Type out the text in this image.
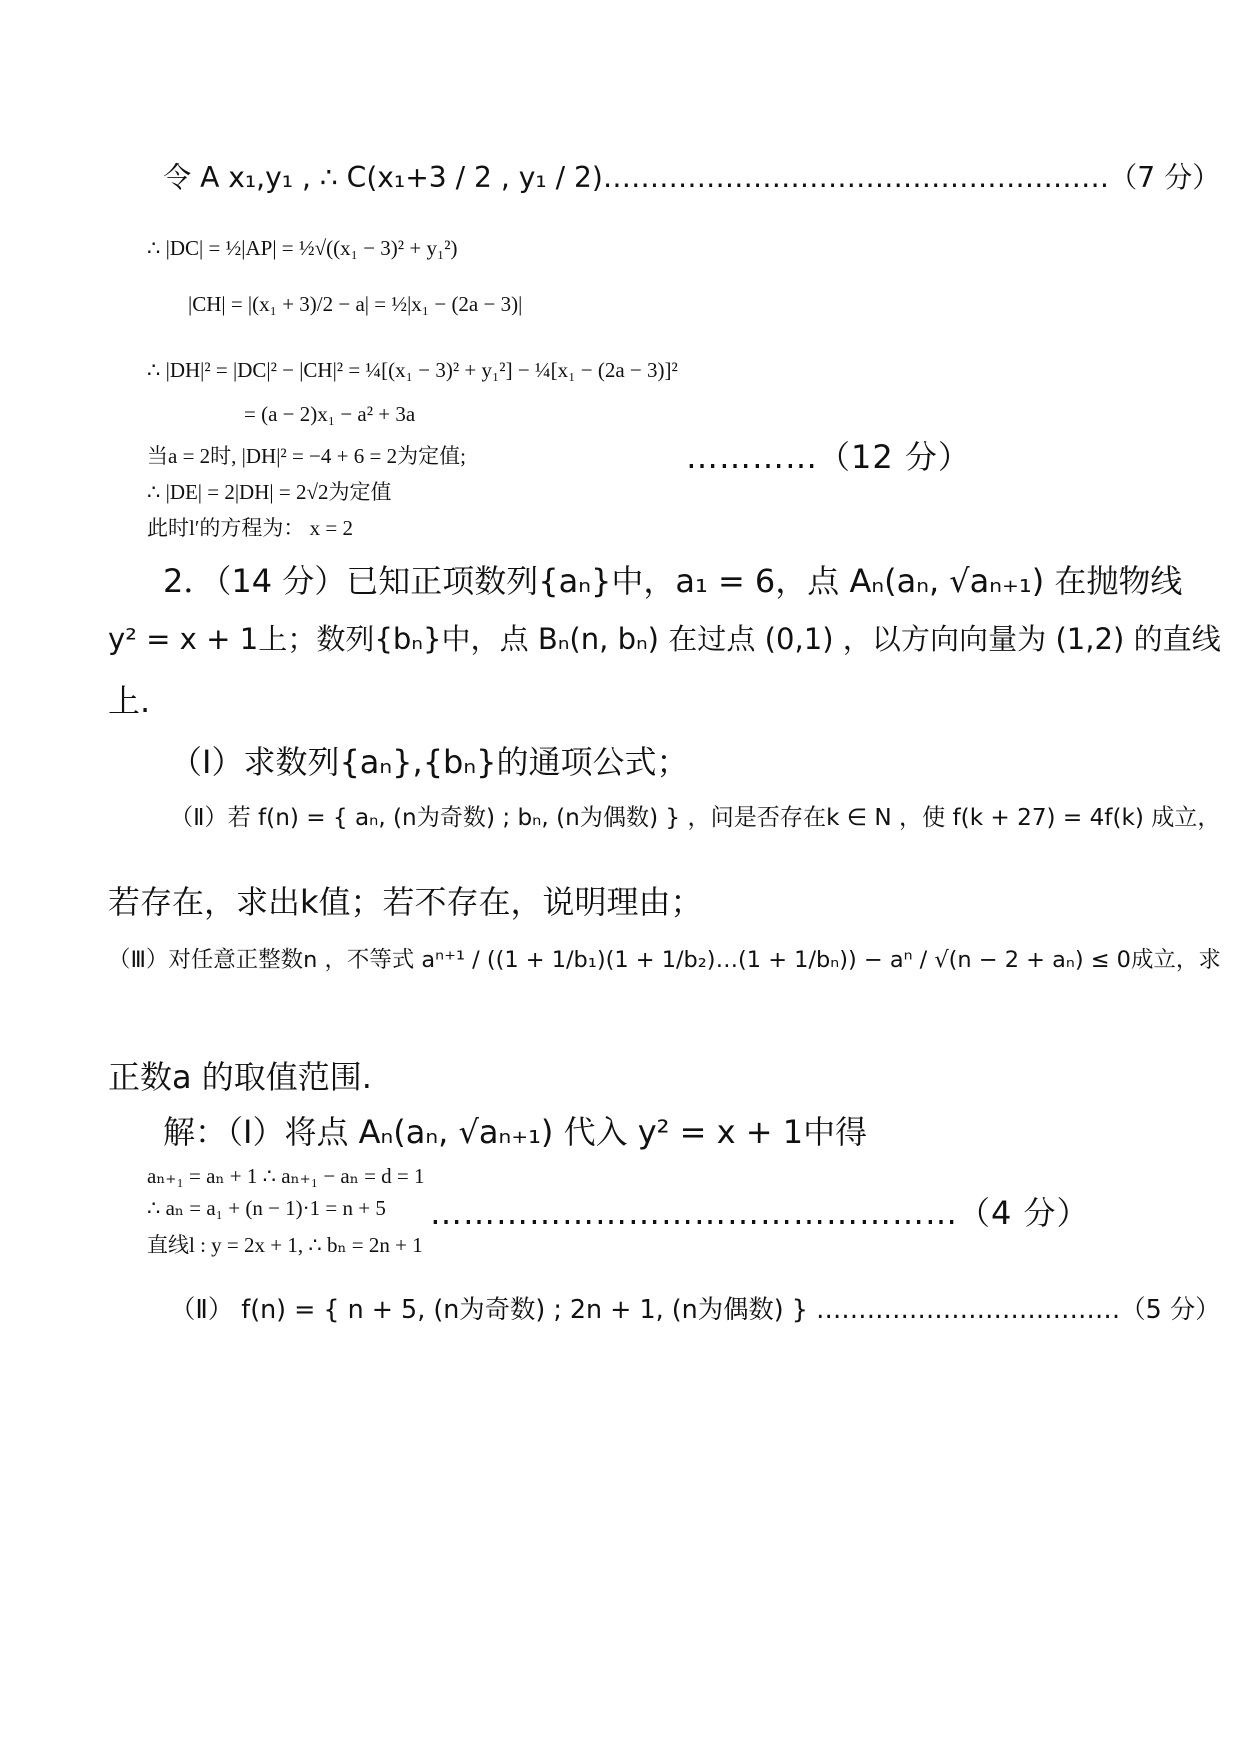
令 A x₁,y₁ , ∴ C(x₁+3 / 2 , y₁ / 2)………………………………………………（7 分）
∴ |DC| = ½|AP| = ½√((x₁ − 3)² + y₁²)
|CH| = |(x₁ + 3)/2 − a| = ½|x₁ − (2a − 3)|
∴ |DH|² = |DC|² − |CH|² = ¼[(x₁ − 3)² + y₁²] − ¼[x₁ − (2a − 3)]²
= (a − 2)x₁ − a² + 3a
当a = 2时, |DH|² = −4 + 6 = 2为定值;	…………（12 分）
∴ |DE| = 2|DH| = 2√2为定值
此时l′的方程为： x = 2
2．（14 分）已知正项数列{aₙ}中，a₁ = 6，点 Aₙ(aₙ, √aₙ₊₁) 在抛物线
y² = x + 1上；数列{bₙ}中，点 Bₙ(n, bₙ) 在过点 (0,1) ，以方向向量为 (1,2) 的直线
上.
（Ⅰ）求数列{aₙ},{bₙ}的通项公式；
（Ⅱ）若 f(n) = { aₙ, (n为奇数) ; bₙ, (n为偶数) } ，问是否存在k ∈ N ，使 f(k + 27) = 4f(k) 成立，
若存在，求出k值；若不存在，说明理由；
（Ⅲ）对任意正整数n ，不等式 aⁿ⁺¹ / ((1 + 1/b₁)(1 + 1/b₂)…(1 + 1/bₙ)) − aⁿ / √(n − 2 + aₙ) ≤ 0成立，求
正数a 的取值范围.
解：（Ⅰ）将点 Aₙ(aₙ, √aₙ₊₁) 代入 y² = x + 1中得
aₙ₊₁ = aₙ + 1 ∴ aₙ₊₁ − aₙ = d = 1
∴ aₙ = a₁ + (n − 1)·1 = n + 5 …………………………………………（4 分）
直线l : y = 2x + 1, ∴ bₙ = 2n + 1
（Ⅱ） f(n) = { n + 5, (n为奇数) ; 2n + 1, (n为偶数) } ………………………………（5 分）
